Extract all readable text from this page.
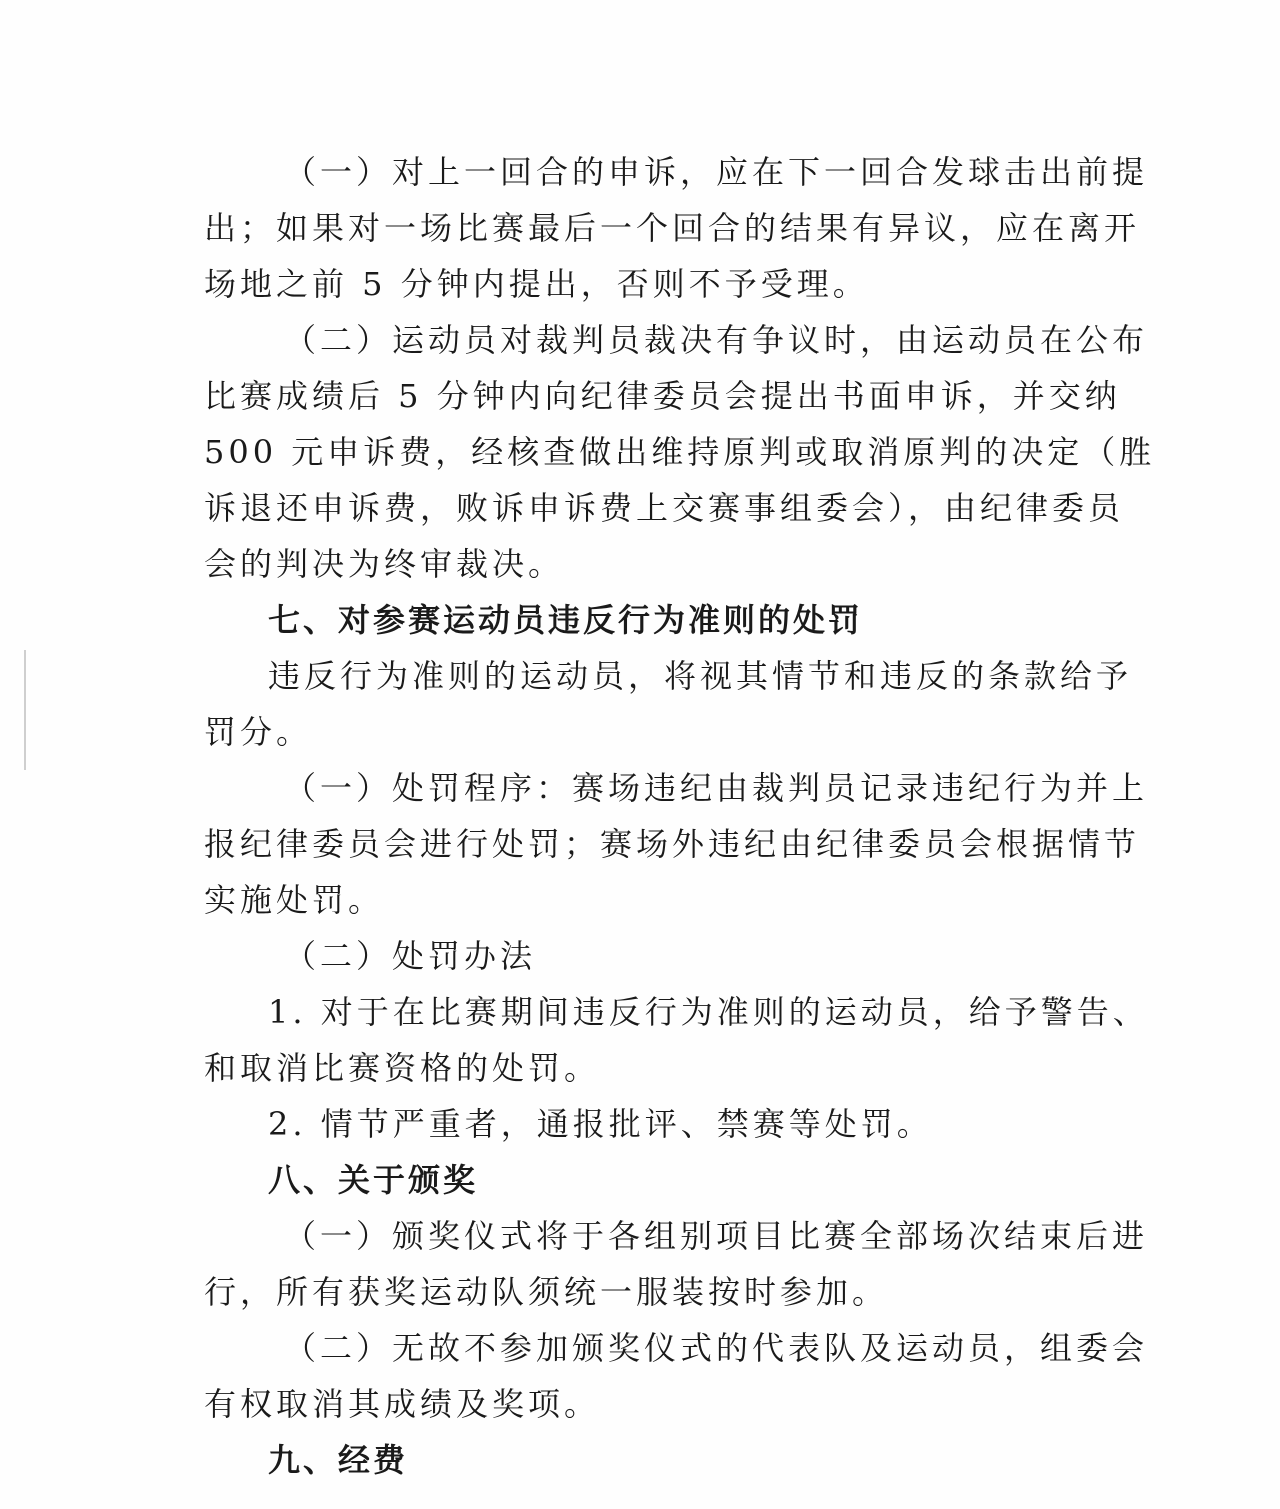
（一）对上一回合的申诉，应在下一回合发球击出前提
出；如果对一场比赛最后一个回合的结果有异议，应在离开
场地之前 5 分钟内提出，否则不予受理。
（二）运动员对裁判员裁决有争议时，由运动员在公布
比赛成绩后 5 分钟内向纪律委员会提出书面申诉，并交纳
500 元申诉费，经核查做出维持原判或取消原判的决定（胜
诉退还申诉费，败诉申诉费上交赛事组委会），由纪律委员
会的判决为终审裁决。
七、对参赛运动员违反行为准则的处罚
违反行为准则的运动员，将视其情节和违反的条款给予
罚分。
（一）处罚程序：赛场违纪由裁判员记录违纪行为并上
报纪律委员会进行处罚；赛场外违纪由纪律委员会根据情节
实施处罚。
（二）处罚办法
1. 对于在比赛期间违反行为准则的运动员，给予警告、
和取消比赛资格的处罚。
2. 情节严重者，通报批评、禁赛等处罚。
八、关于颁奖
（一）颁奖仪式将于各组别项目比赛全部场次结束后进
行，所有获奖运动队须统一服装按时参加。
（二）无故不参加颁奖仪式的代表队及运动员，组委会
有权取消其成绩及奖项。
九、经费
